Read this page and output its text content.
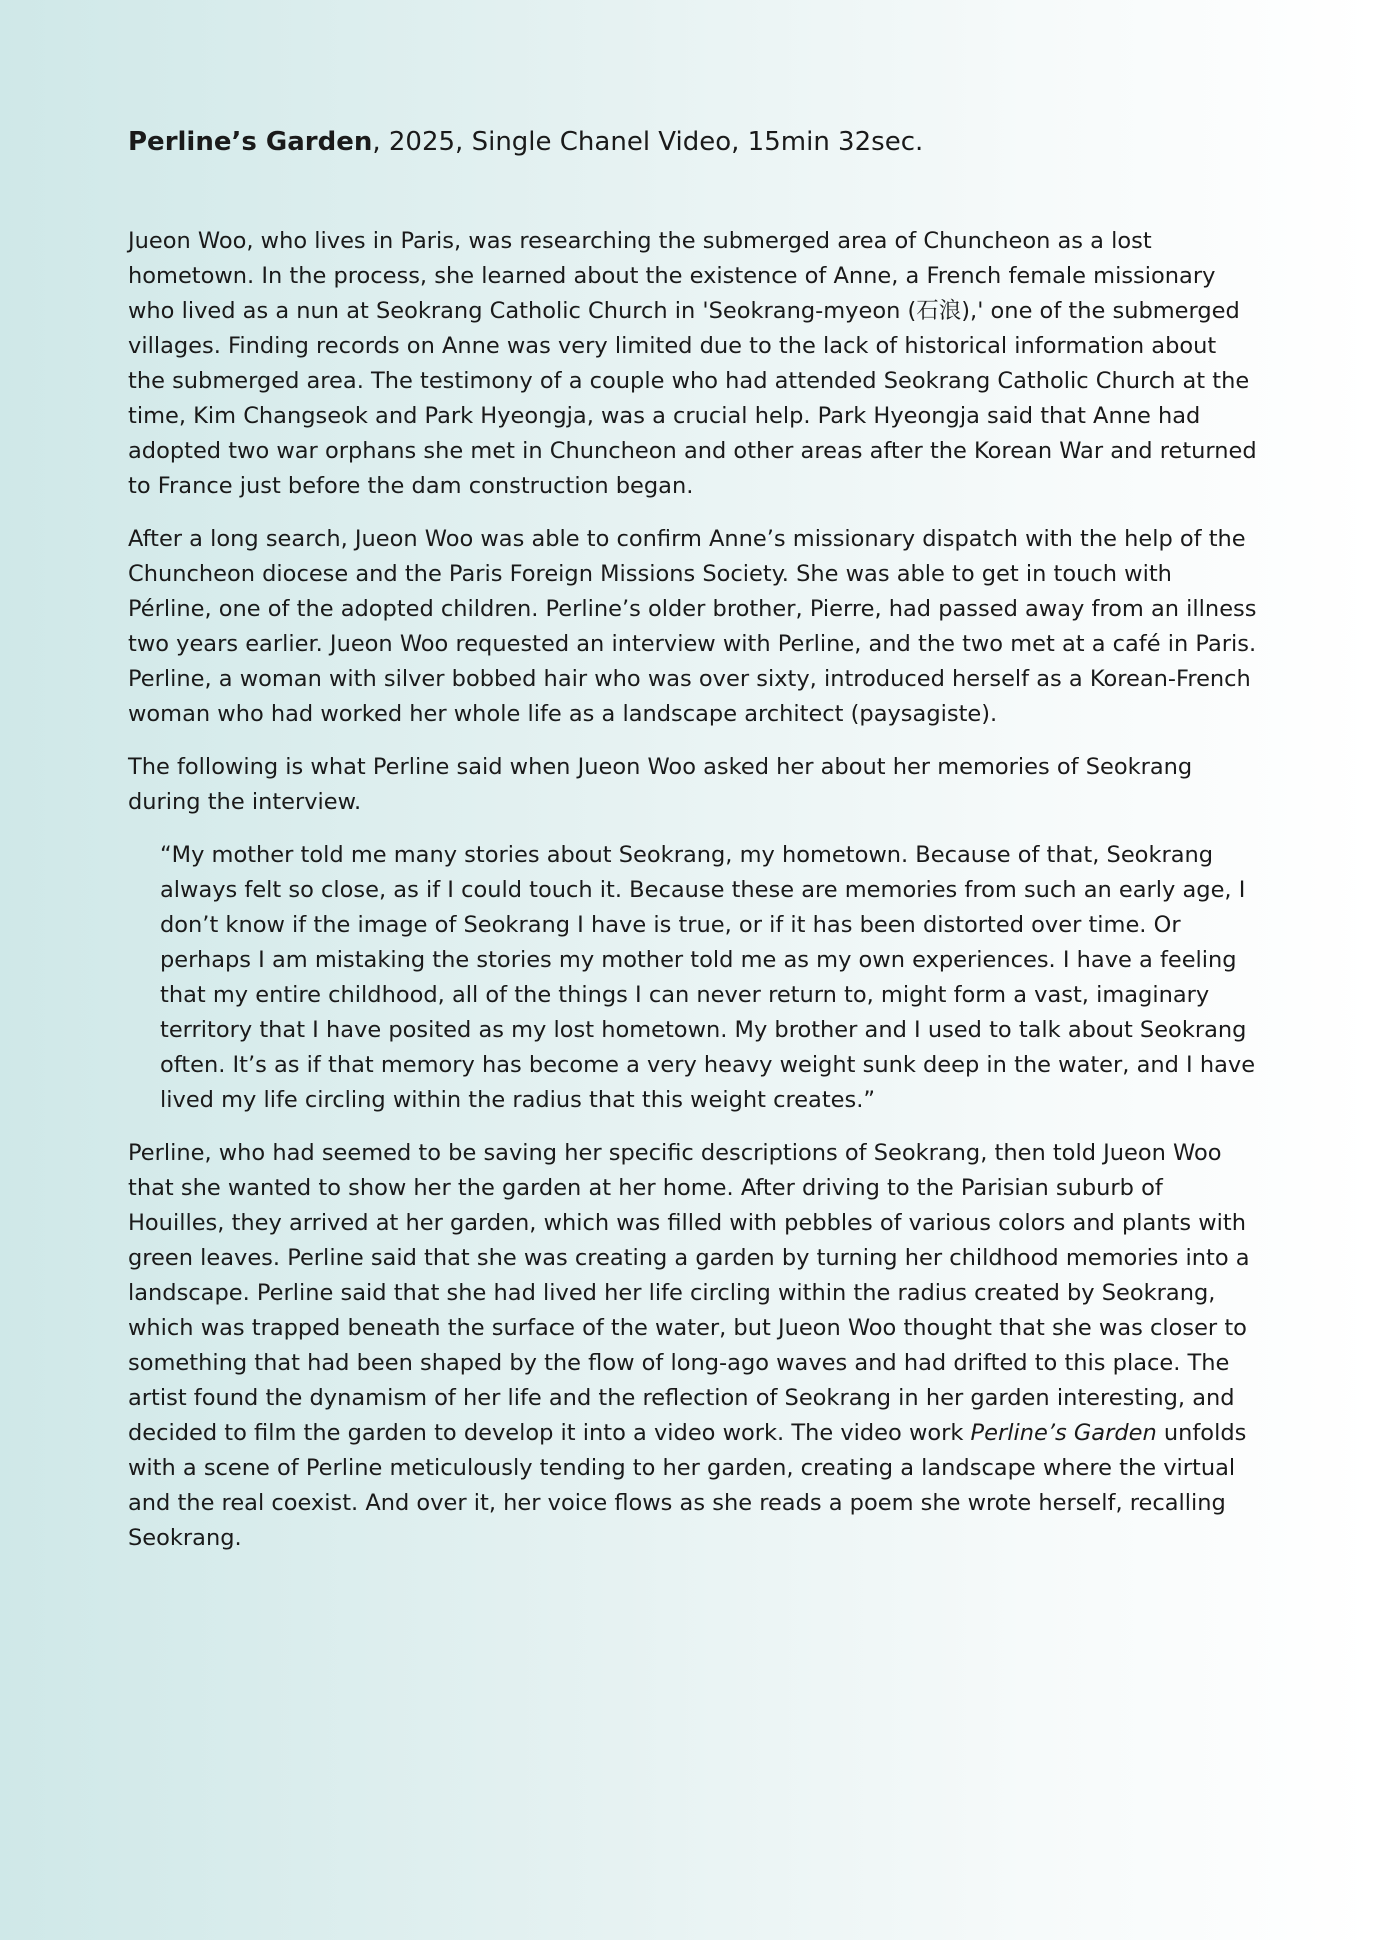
Perline’s Garden, 2025, Single Chanel Video, 15min 32sec.

Jueon Woo, who lives in Paris, was researching the submerged area of Chuncheon as a lost hometown. In the process, she learned about the existence of Anne, a French female missionary who lived as a nun at Seokrang Catholic Church in 'Seokrang-myeon (石浪),' one of the submerged villages. Finding records on Anne was very limited due to the lack of historical information about the submerged area. The testimony of a couple who had attended Seokrang Catholic Church at the time, Kim Changseok and Park Hyeongja, was a crucial help. Park Hyeongja said that Anne had adopted two war orphans she met in Chuncheon and other areas after the Korean War and returned to France just before the dam construction began.

After a long search, Jueon Woo was able to confirm Anne’s missionary dispatch with the help of the Chuncheon diocese and the Paris Foreign Missions Society. She was able to get in touch with Pérline, one of the adopted children. Perline’s older brother, Pierre, had passed away from an illness two years earlier. Jueon Woo requested an interview with Perline, and the two met at a café in Paris. Perline, a woman with silver bobbed hair who was over sixty, introduced herself as a Korean-French woman who had worked her whole life as a landscape architect (paysagiste).

The following is what Perline said when Jueon Woo asked her about her memories of Seokrang during the interview.

“My mother told me many stories about Seokrang, my hometown. Because of that, Seokrang always felt so close, as if I could touch it. Because these are memories from such an early age, I don’t know if the image of Seokrang I have is true, or if it has been distorted over time. Or perhaps I am mistaking the stories my mother told me as my own experiences. I have a feeling that my entire childhood, all of the things I can never return to, might form a vast, imaginary territory that I have posited as my lost hometown. My brother and I used to talk about Seokrang often. It’s as if that memory has become a very heavy weight sunk deep in the water, and I have lived my life circling within the radius that this weight creates.”

Perline, who had seemed to be saving her specific descriptions of Seokrang, then told Jueon Woo that she wanted to show her the garden at her home. After driving to the Parisian suburb of Houilles, they arrived at her garden, which was filled with pebbles of various colors and plants with green leaves. Perline said that she was creating a garden by turning her childhood memories into a landscape. Perline said that she had lived her life circling within the radius created by Seokrang, which was trapped beneath the surface of the water, but Jueon Woo thought that she was closer to something that had been shaped by the flow of long-ago waves and had drifted to this place. The artist found the dynamism of her life and the reflection of Seokrang in her garden interesting, and decided to film the garden to develop it into a video work. The video work Perline’s Garden unfolds with a scene of Perline meticulously tending to her garden, creating a landscape where the virtual and the real coexist. And over it, her voice flows as she reads a poem she wrote herself, recalling Seokrang.
